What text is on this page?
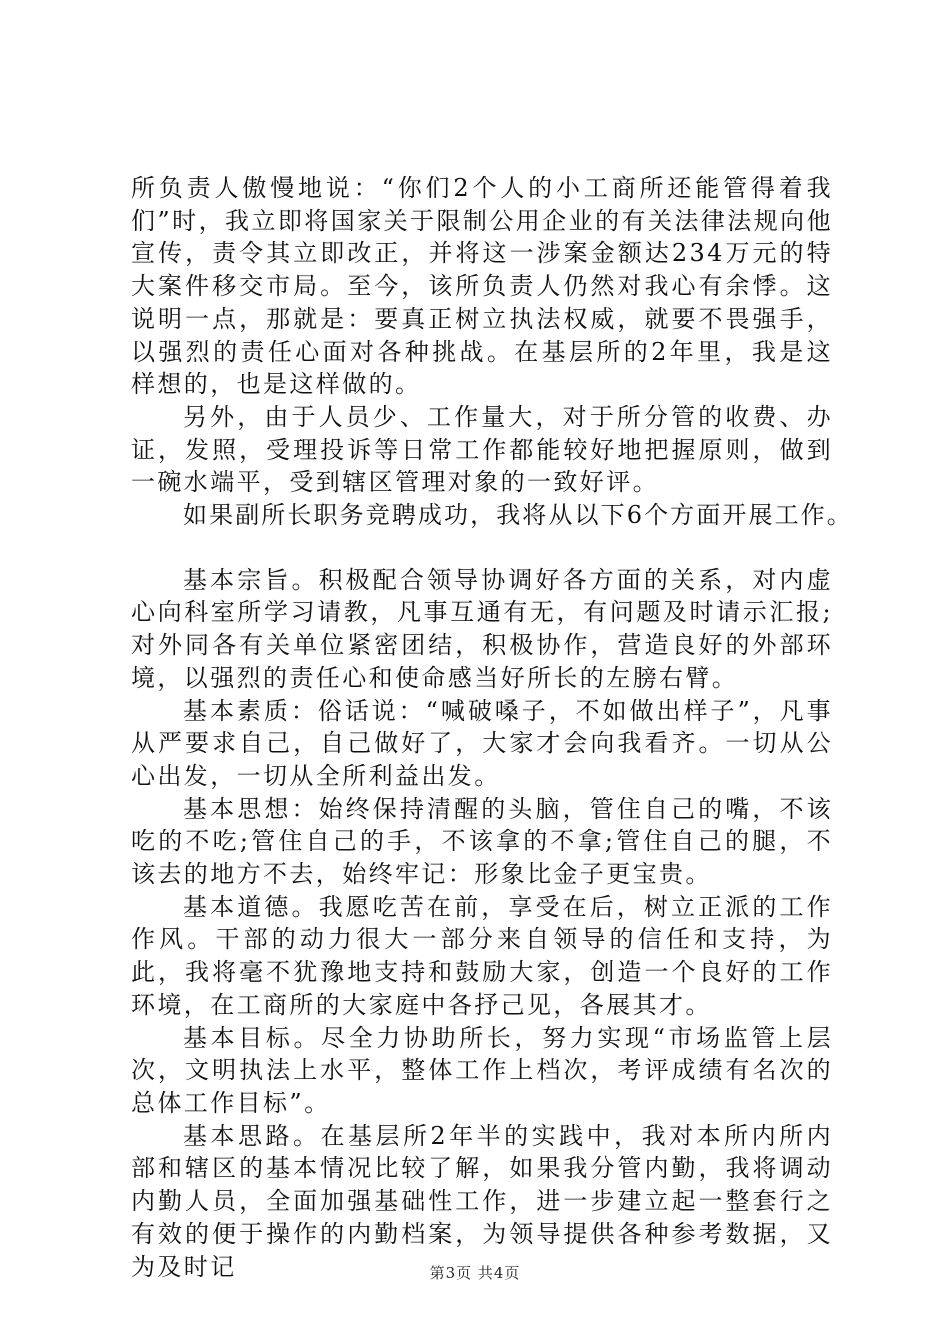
所负责人傲慢地说：“你们2个人的小工商所还能管得着我们”时，我立即将国家关于限制公用企业的有关法律法规向他宣传，责令其立即改正，并将这一涉案金额达234万元的特大案件移交市局。至今，该所负责人仍然对我心有余悸。这说明一点，那就是：要真正树立执法权威，就要不畏强手，以强烈的责任心面对各种挑战。在基层所的2年里，我是这样想的，也是这样做的。

另外，由于人员少、工作量大，对于所分管的收费、办证，发照，受理投诉等日常工作都能较好地把握原则，做到一碗水端平，受到辖区管理对象的一致好评。

如果副所长职务竞聘成功，我将从以下6个方面开展工作。

基本宗旨。积极配合领导协调好各方面的关系，对内虚心向科室所学习请教，凡事互通有无，有问题及时请示汇报;对外同各有关单位紧密团结，积极协作，营造良好的外部环境，以强烈的责任心和使命感当好所长的左膀右臂。

基本素质：俗话说：“喊破嗓子，不如做出样子”，凡事从严要求自己，自己做好了，大家才会向我看齐。一切从公心出发，一切从全所利益出发。

基本思想：始终保持清醒的头脑，管住自己的嘴，不该吃的不吃;管住自己的手，不该拿的不拿;管住自己的腿，不该去的地方不去，始终牢记：形象比金子更宝贵。

基本道德。我愿吃苦在前，享受在后，树立正派的工作作风。干部的动力很大一部分来自领导的信任和支持，为此，我将毫不犹豫地支持和鼓励大家，创造一个良好的工作环境，在工商所的大家庭中各抒己见，各展其才。

基本目标。尽全力协助所长，努力实现“市场监管上层次，文明执法上水平，整体工作上档次，考评成绩有名次的总体工作目标”。

基本思路。在基层所2年半的实践中，我对本所内所内部和辖区的基本情况比较了解，如果我分管内勤，我将调动内勤人员，全面加强基础性工作，进一步建立起一整套行之有效的便于操作的内勤档案，为领导提供各种参考数据，又为及时记	第3页 共4页
